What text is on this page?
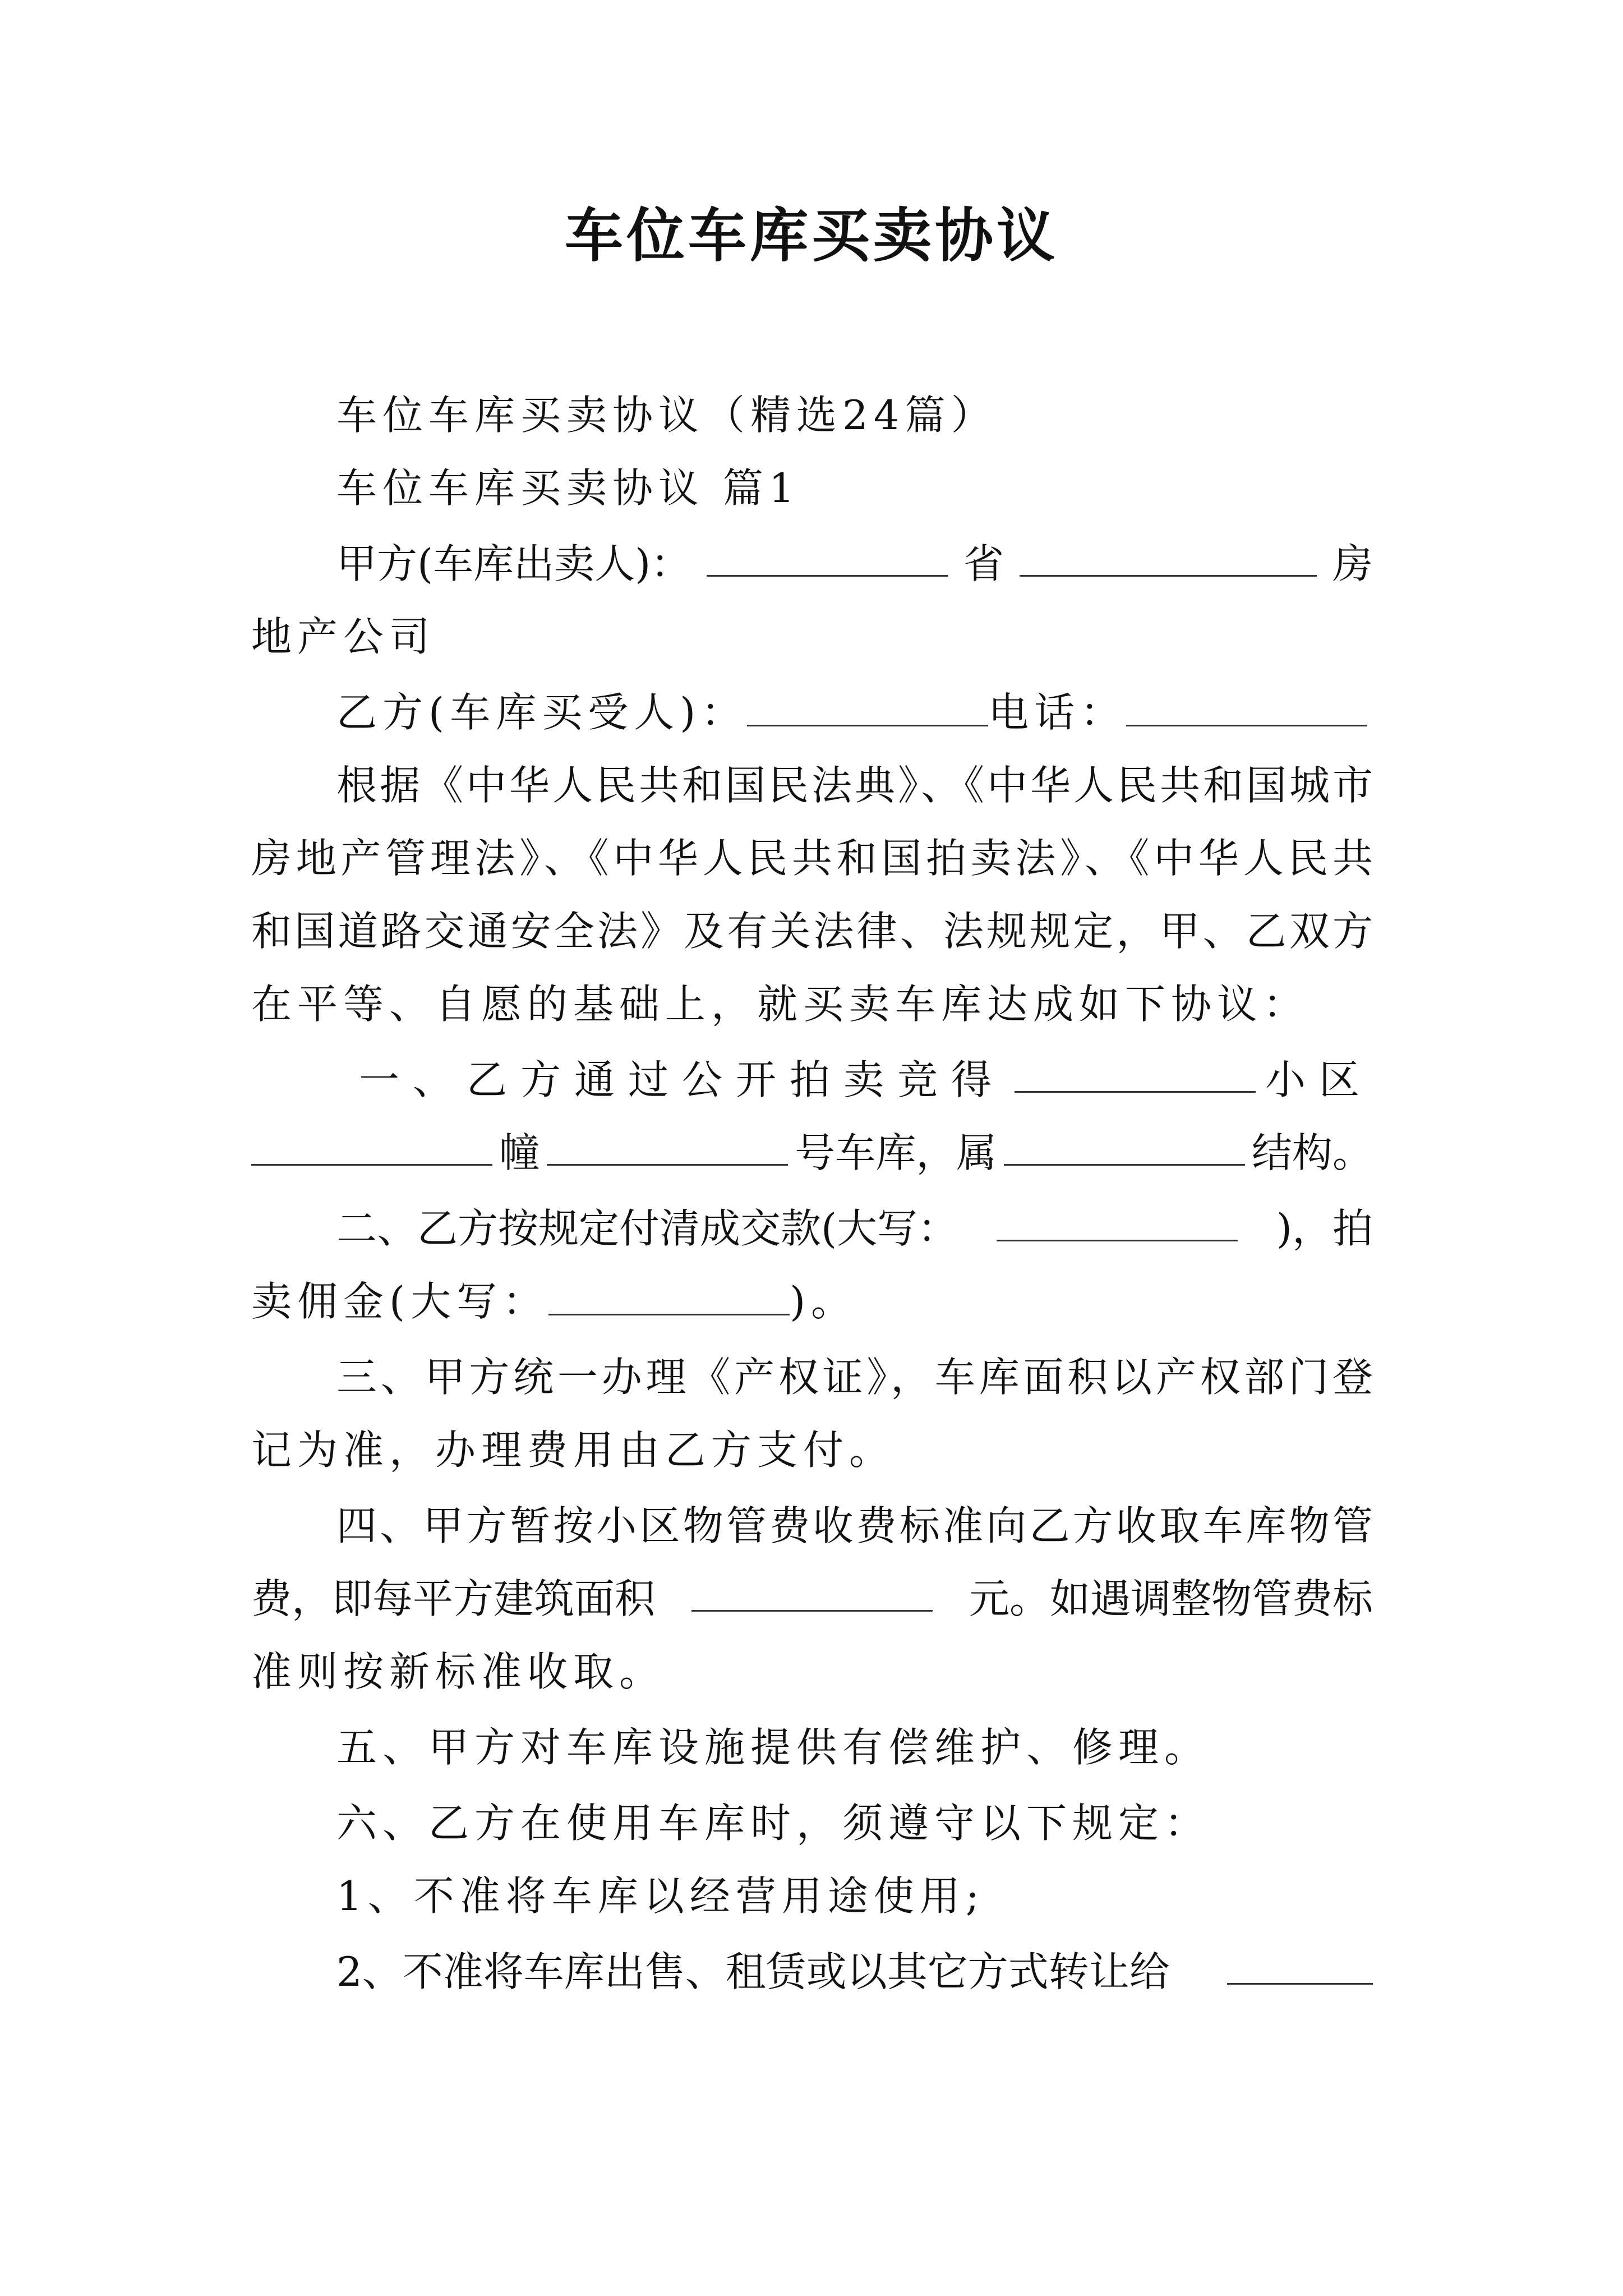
车位车库买卖协议
车位车库买卖协议（精选24篇）
车位车库买卖协议 篇1
甲方(车库出卖人)：	省	房
地产公司
乙方(车库买受人)：	电话：
根据《中华人民共和国民法典》、《中华人民共和国城市
房地产管理法》、《中华人民共和国拍卖法》、《中华人民共
和国道路交通安全法》及有关法律、法规规定，甲、乙双方
在平等、自愿的基础上，就买卖车库达成如下协议：
一、乙方通过公开拍卖竞得	小区
幢	号车库，属	结构。
二、乙方按规定付清成交款(大写：	)，拍
卖佣金(大写：	)。
三、甲方统一办理《产权证》，车库面积以产权部门登
记为准，办理费用由乙方支付。
四、甲方暂按小区物管费收费标准向乙方收取车库物管
费，即每平方建筑面积	元。如遇调整物管费标
准则按新标准收取。
五、甲方对车库设施提供有偿维护、修理。
六、乙方在使用车库时，须遵守以下规定：
1、不准将车库以经营用途使用;
2、不准将车库出售、租赁或以其它方式转让给
